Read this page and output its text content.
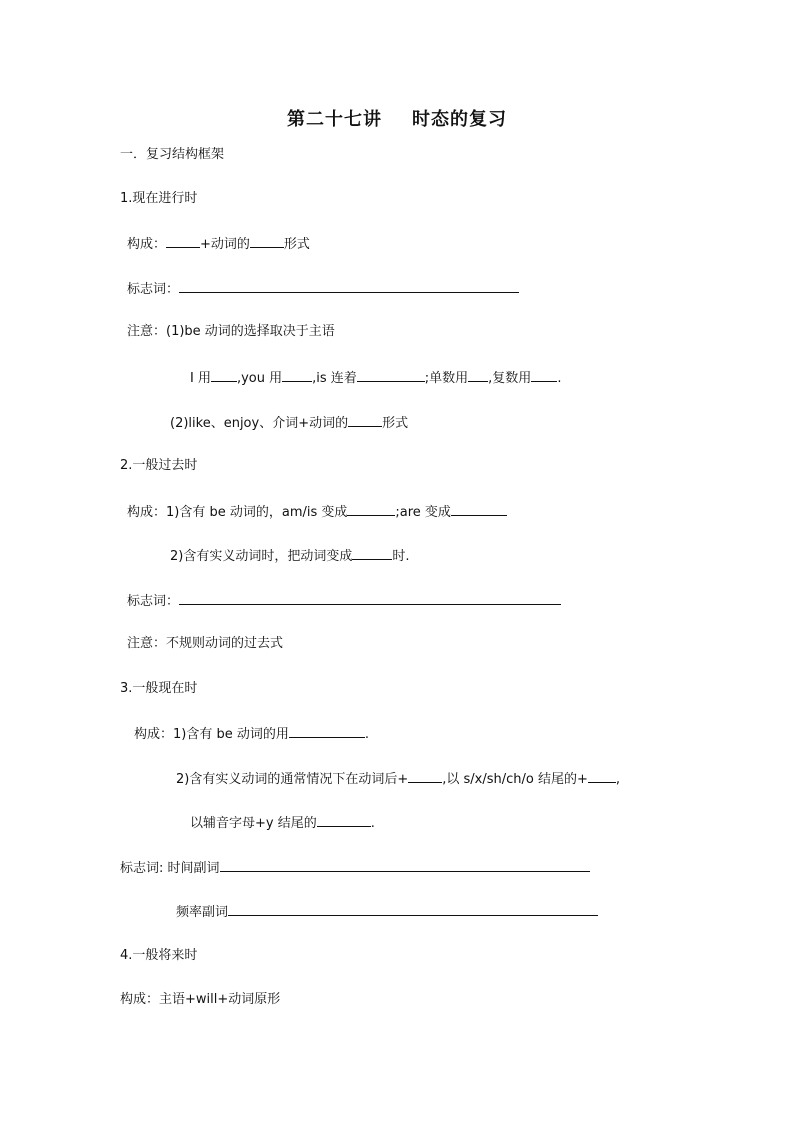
第二十七讲 时态的复习
一．复习结构框架
1.现在进行时
构成：	+动词的	形式
标志词：
注意：(1)be 动词的选择取决于主语
I 用 ,you 用 ,is 连着	;单数用 ,复数用 .
(2)like、enjoy、介词+动词的	形式
2.一般过去时
构成：1)含有 be 动词的，am/is 变成	;are 变成
2)含有实义动词时，把动词变成	时.
标志词：
注意：不规则动词的过去式
3.一般现在时
构成：1)含有 be 动词的用	.
2)含有实义动词的通常情况下在动词后+	,以 s/x/sh/ch/o 结尾的+ ,
以辅音字母+y 结尾的	.
标志词: 时间副词
频率副词
4.一般将来时
构成：主语+will+动词原形
